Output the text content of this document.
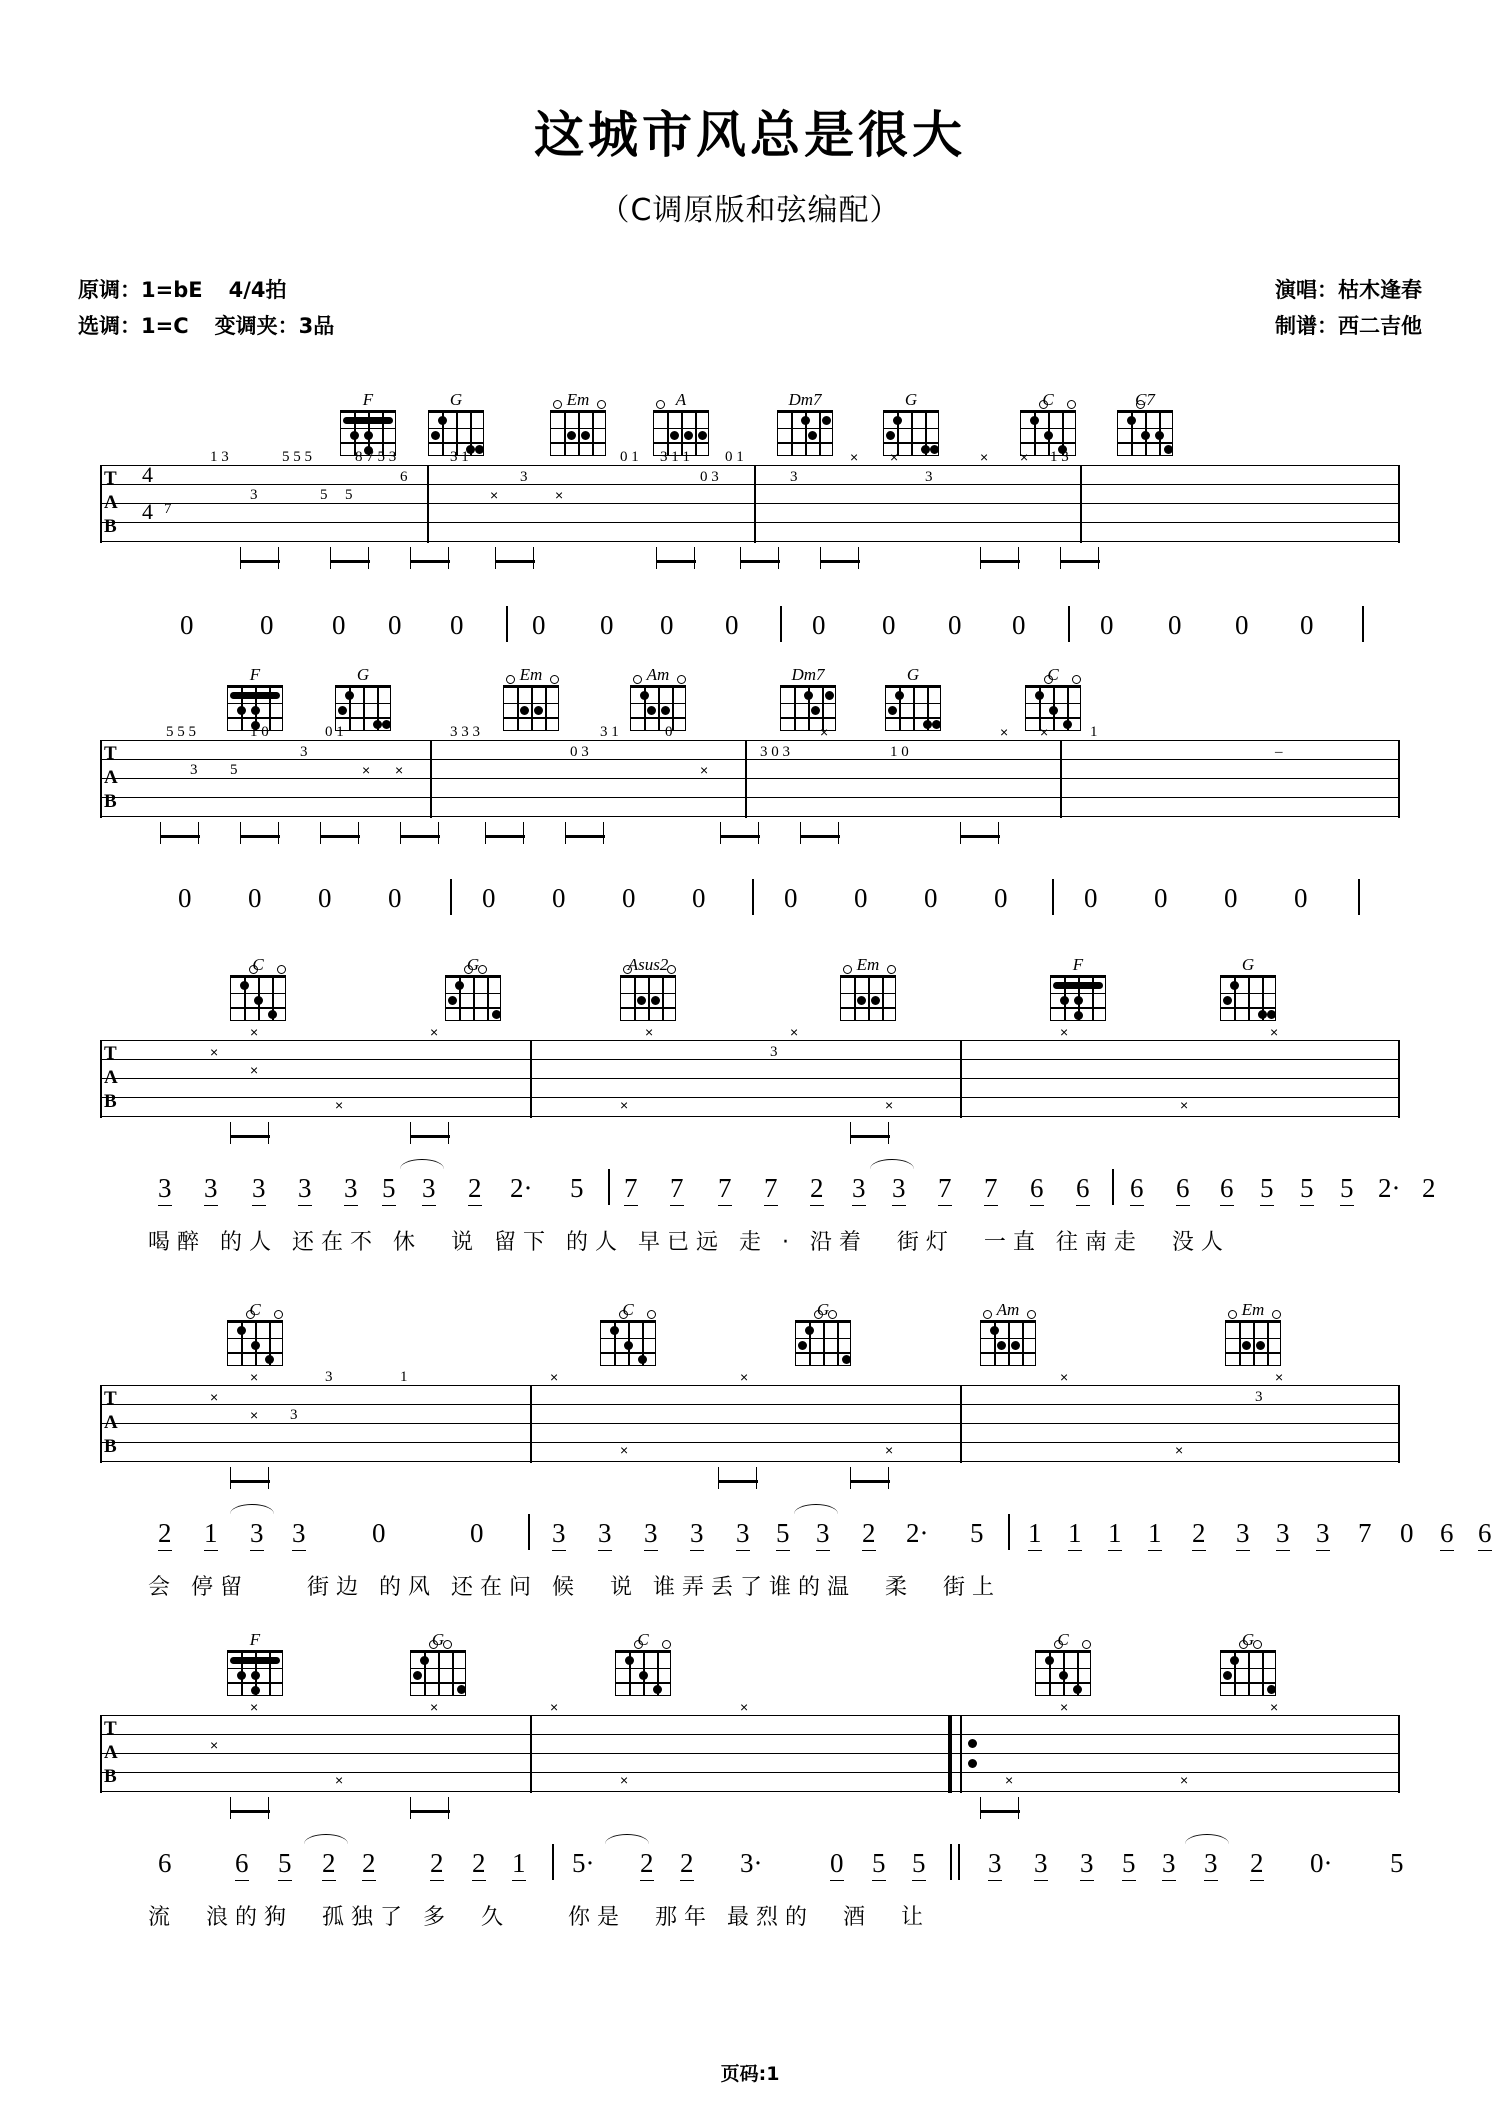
这城市风总是很大
（C调原版和弦编配）
原调：1=bE 4/4拍
选调：1=C 变调夹：3品
演唱：枯木逢春
制谱：西二吉他
F	G	Em	A	Dm7	G	C	C7
T
A
B
4
4 7
1 3	5 5 5
3	5
8 7 5 3
5
6
3 1
3
×	×
0 1 3 1 1 0 1
0 3	3
× ×
3
× × 1 3
0 0 0 0 0	0 0 0 0	0 0 0 0	0 0 0 0
F	G	Em	Am	Dm7	G	C
T
A
B
5 5 5	1 0	0 1
3 5
3
× ×
3 3 3	3 1	0
0 3
×
3 0 3	1 0
×	× ×	1
–
0 0 0 0	0 0 0 0	0 0 0 0	0 0 0 0
C	G	Asus2	Em	F	G
T
A
B
×	×
×
×
×
×	×
3
×
×	×
×	×
3 3 3 3 3 5 3 2 2· 5 7 7 7 7 2 3 3 7 7 6 6 6 6 6 5 5 5 2· 2
喝醉 的人 还在不 休　说 留下 的人 早已远 走 · 沿着　街灯　一直 往南走　没人
C	C	G	Am	Em
T
A
B
×	3	1
×
× 3
×	×
×
×	×
3
×	×
2 1 3 3 0	0	3 3 3 3 3 5 3 2 2· 5 1 1 1 1 2 3 3 3 7 0 6 6
会 停留　　街边 的风 还在问 候　说 谁弄丢了谁的温　柔　街上
F	G	C	C	G
T
A
B
×	×
×
×
×	×
×
×	×
×	×
6 6 5 2 2 2 2 1 5· 2 2 3·	0 5 5 3 3 3 5 3 3 2 0· 5
流　浪的狗　孤独了 多　久　　你是　那年 最烈的　酒　让
页码:1
